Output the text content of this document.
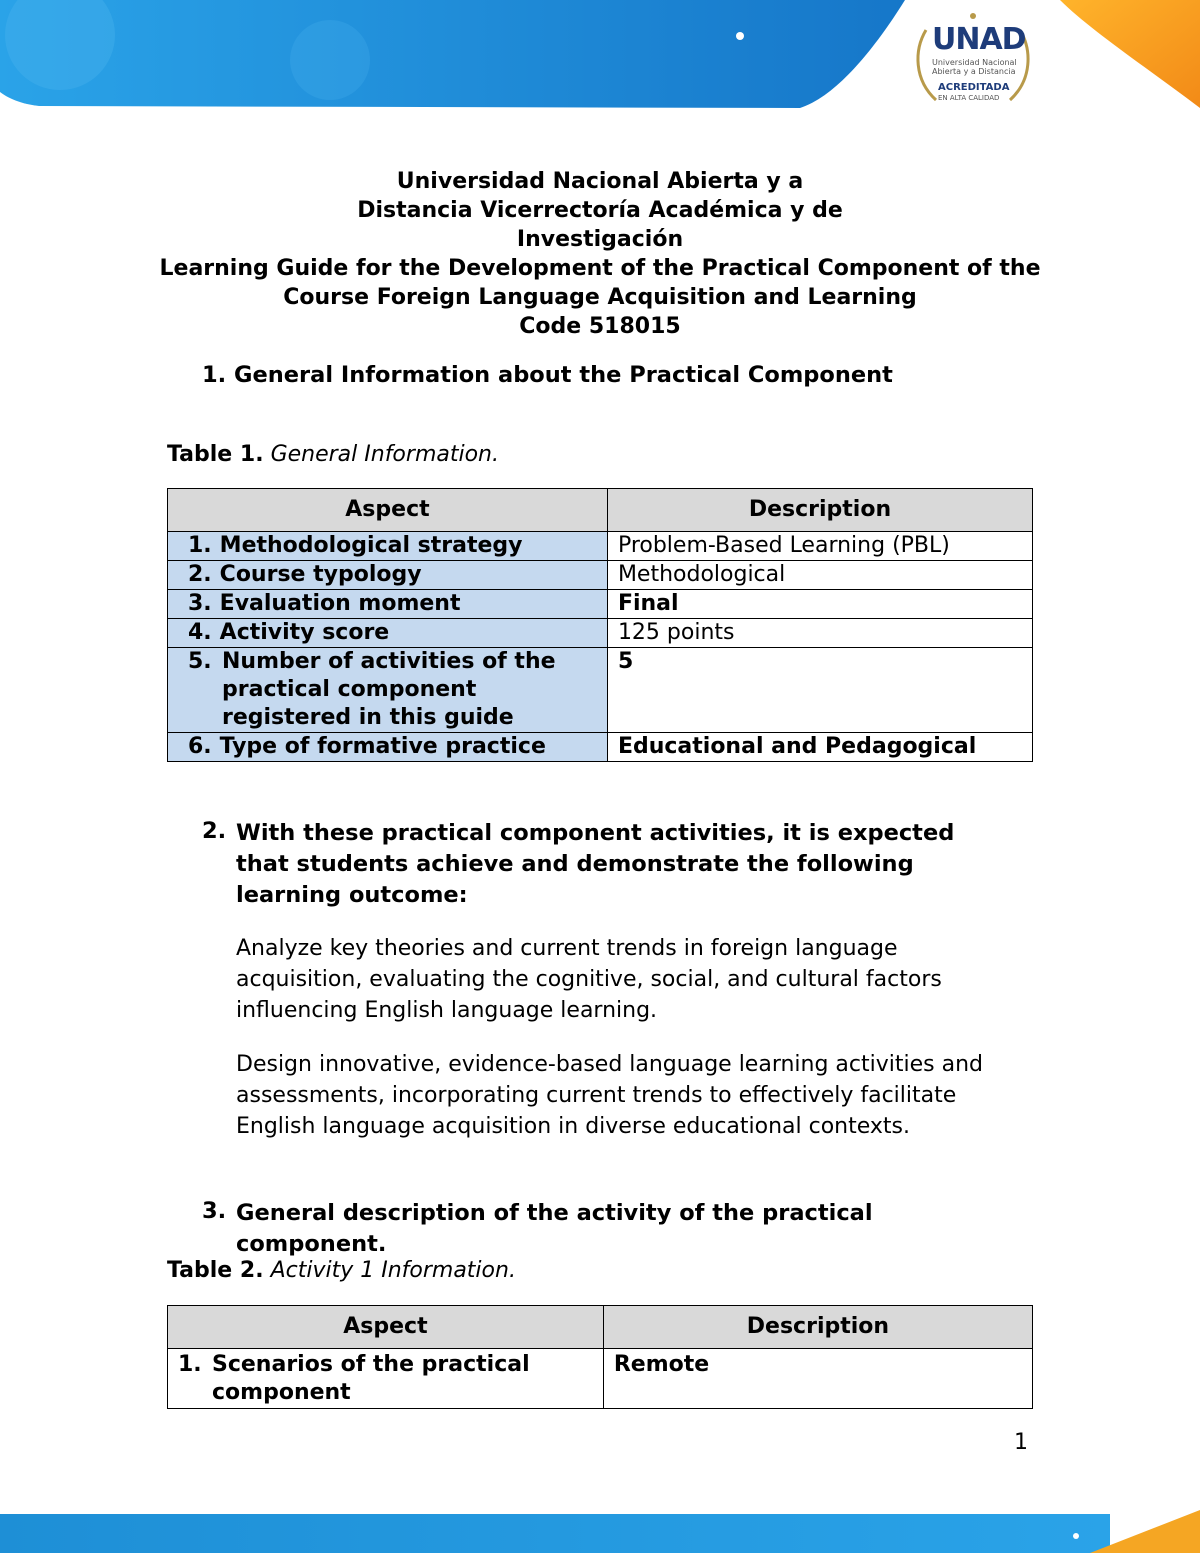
UNAD
Universidad Nacional
Abierta y a Distancia
ACREDITADA
EN ALTA CALIDAD
Universidad Nacional Abierta y a
Distancia Vicerrectoría Académica y de
Investigación
Learning Guide for the Development of the Practical Component of the
Course Foreign Language Acquisition and Learning
Code 518015
1. General Information about the Practical Component
Table 1. General Information.
Aspect	Description
1. Methodological strategy	Problem-Based Learning (PBL)
2. Course typology	Methodological
3. Evaluation moment	Final
4. Activity score	125 points

5. Number of activities of the practical component registered in this guide	5
6. Type of formative practice	Educational and Pedagogical
2. With these practical component activities, it is expected that students achieve and demonstrate the following learning outcome:
Analyze key theories and current trends in foreign language acquisition, evaluating the cognitive, social, and cultural factors influencing English language learning.
Design innovative, evidence-based language learning activities and assessments, incorporating current trends to effectively facilitate English language acquisition in diverse educational contexts.
3. General description of the activity of the practical component.
Table 2. Activity 1 Information.
Aspect	Description

1. Scenarios of the practical component	Remote
1
